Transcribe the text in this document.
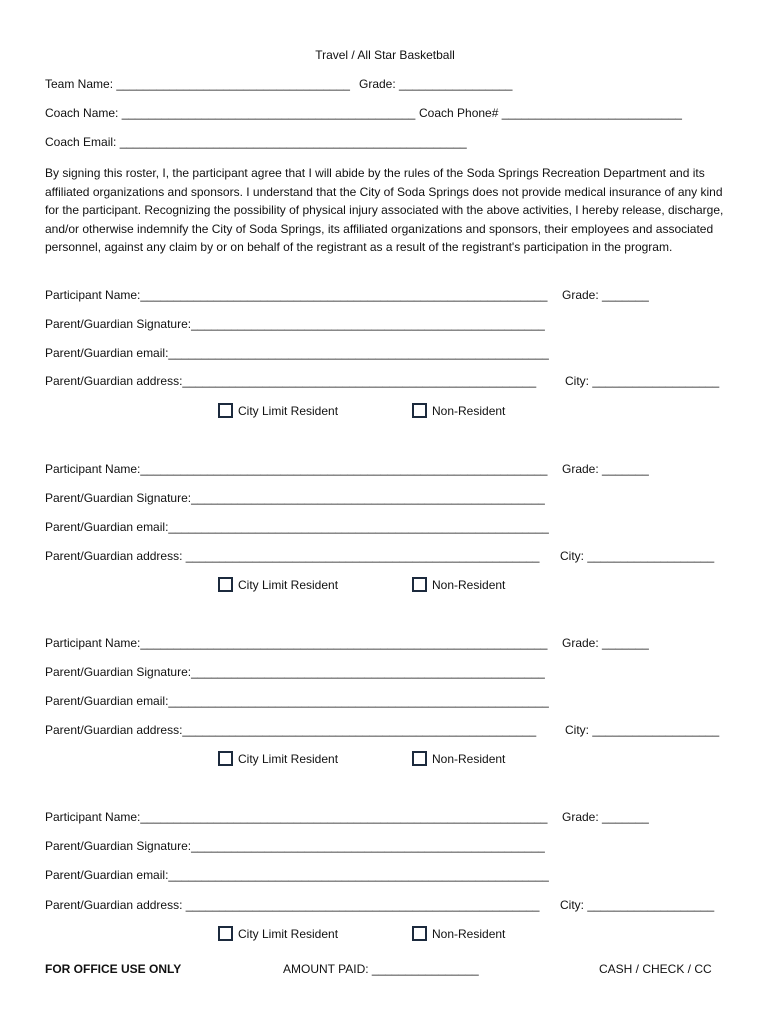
Travel / All Star Basketball
Team Name: ___________________________________ Grade: _________________
Coach Name: ____________________________________________ Coach Phone# ___________________________
Coach Email: ____________________________________________________
By signing this roster, I, the participant agree that I will abide by the rules of the Soda Springs Recreation Department and its affiliated organizations and sponsors. I understand that the City of Soda Springs does not provide medical insurance of any kind for the participant. Recognizing the possibility of physical injury associated with the above activities, I hereby release, discharge, and/or otherwise indemnify the City of Soda Springs, its affiliated organizations and sponsors, their employees and associated personnel, against any claim by or on behalf of the registrant as a result of the registrant's participation in the program.
Participant Name:_____________________________________________________________ Grade: _______
Parent/Guardian Signature:_____________________________________________________
Parent/Guardian email:_________________________________________________________
Parent/Guardian address:_____________________________________________________ City: ___________________
City Limit Resident	Non-Resident
Participant Name:_____________________________________________________________ Grade: _______
Parent/Guardian Signature:_____________________________________________________
Parent/Guardian email:_________________________________________________________
Parent/Guardian address: _____________________________________________________ City: ___________________
City Limit Resident	Non-Resident
Participant Name:_____________________________________________________________ Grade: _______
Parent/Guardian Signature:_____________________________________________________
Parent/Guardian email:_________________________________________________________
Parent/Guardian address:_____________________________________________________ City: ___________________
City Limit Resident	Non-Resident
Participant Name:_____________________________________________________________ Grade: _______
Parent/Guardian Signature:_____________________________________________________
Parent/Guardian email:_________________________________________________________
Parent/Guardian address: _____________________________________________________ City: ___________________
City Limit Resident	Non-Resident
FOR OFFICE USE ONLY	AMOUNT PAID: ________________	CASH / CHECK / CC
